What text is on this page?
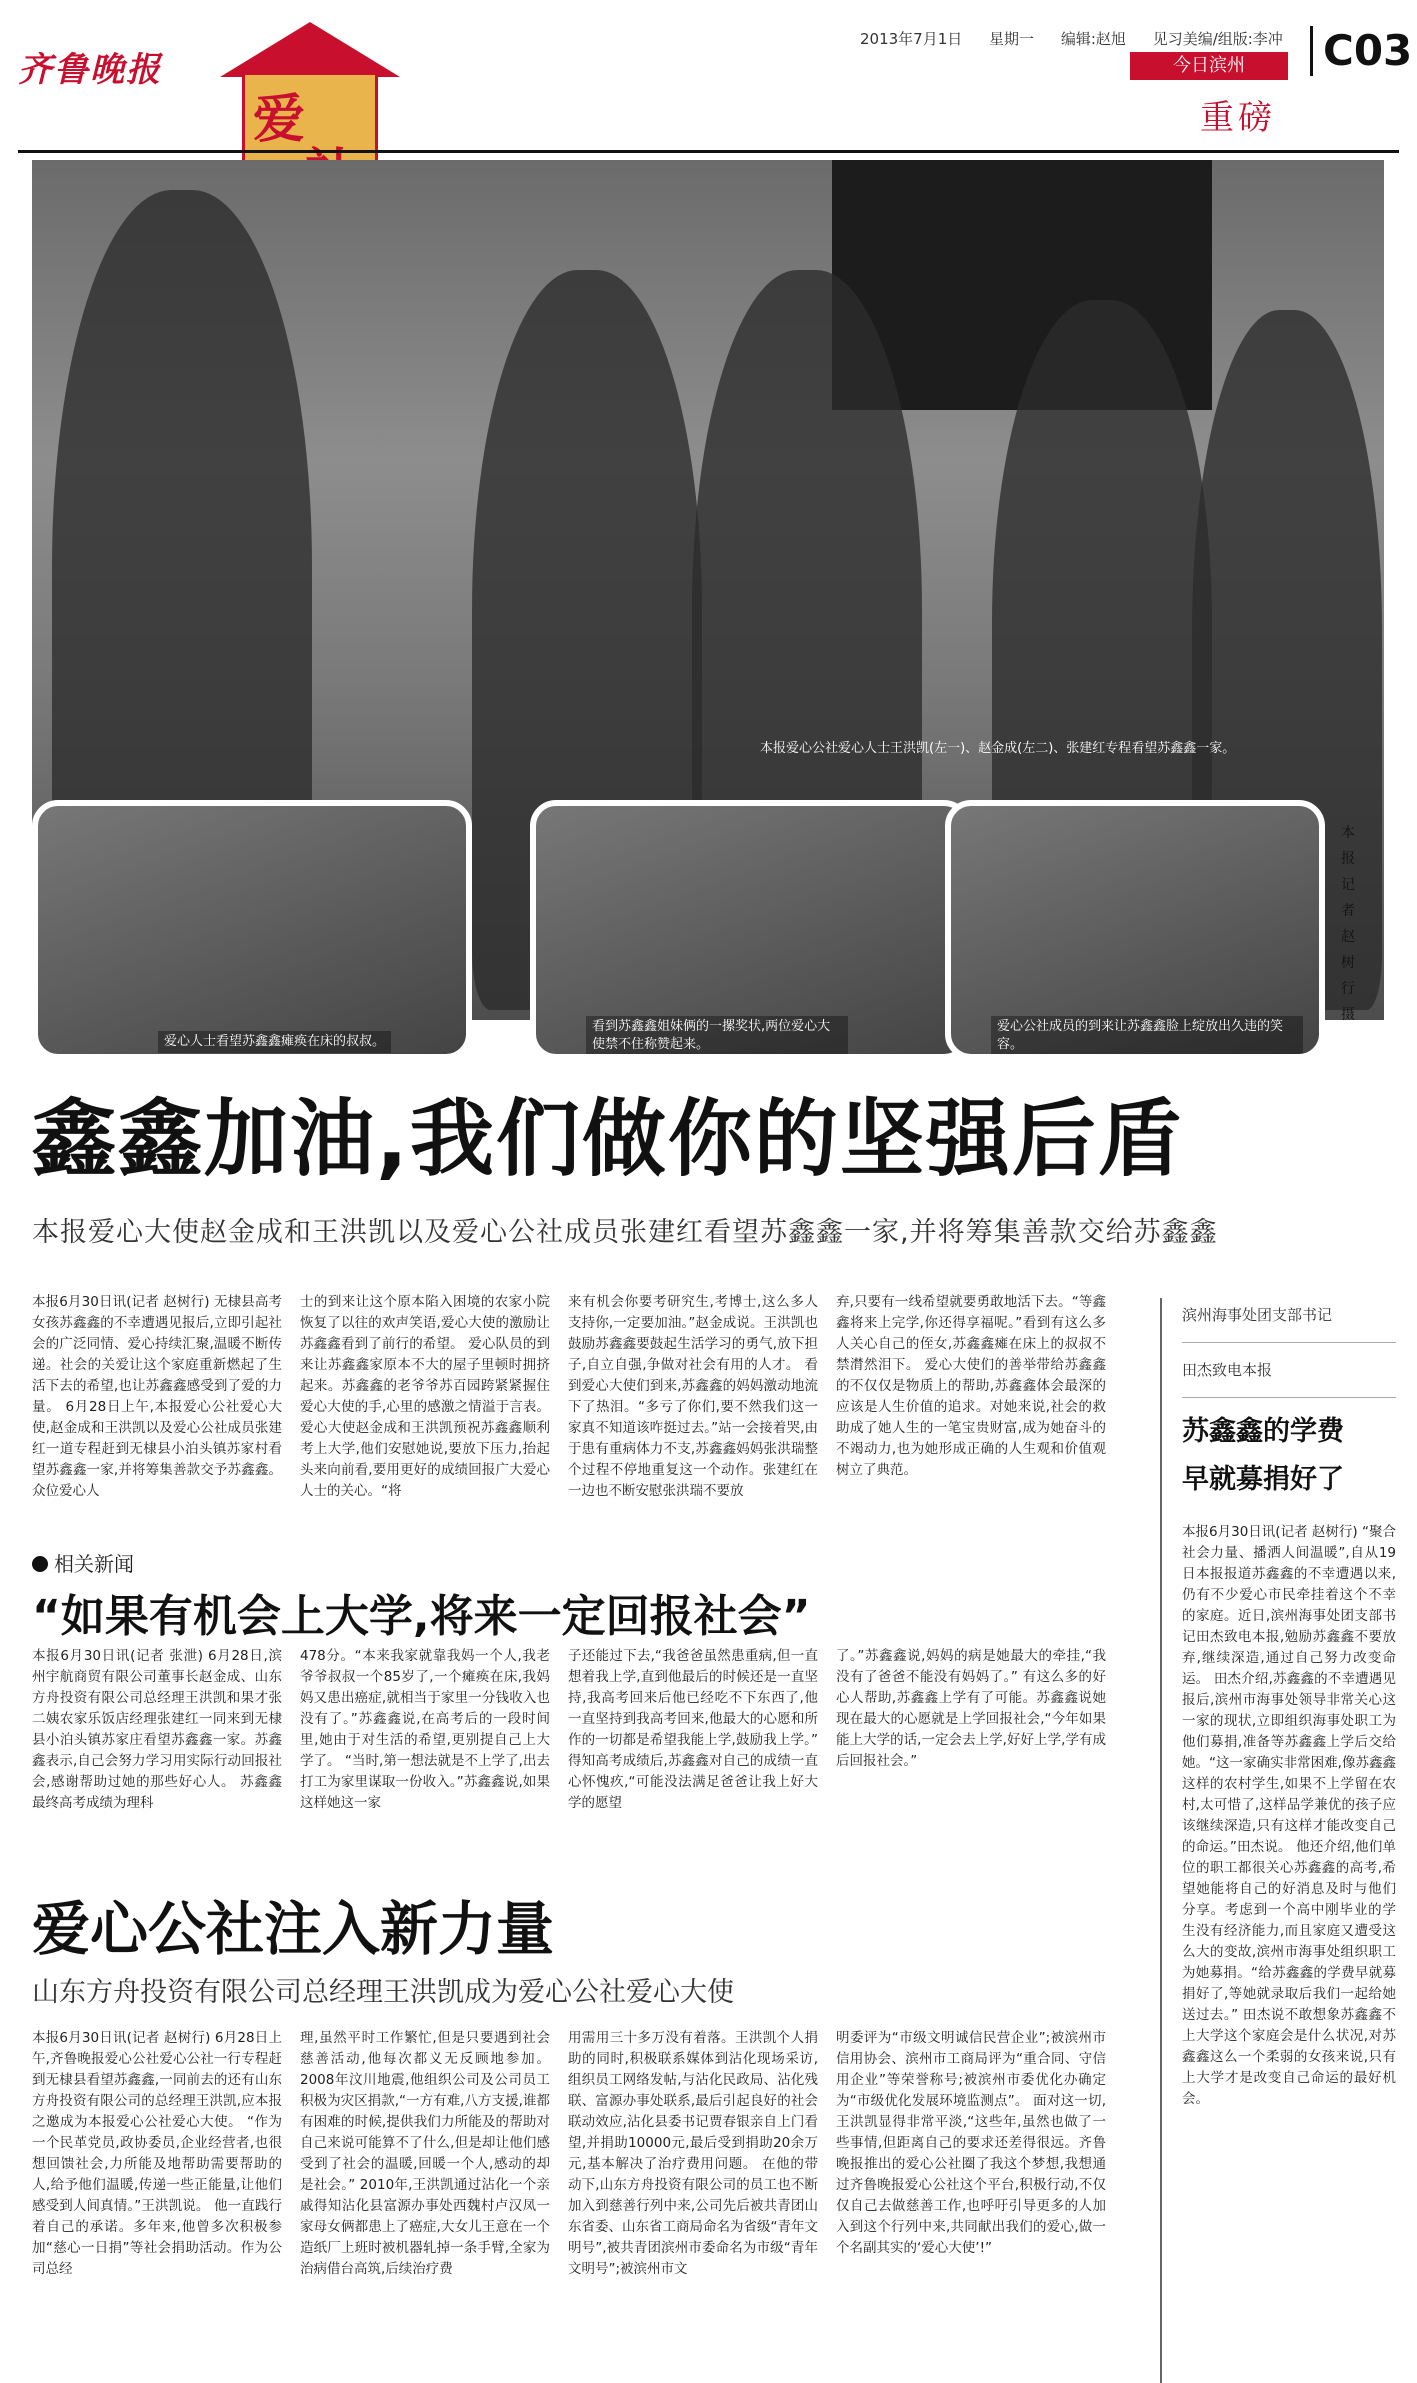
齐鲁晚报
爱
2013年7月1日 星期一 编辑:赵旭 见习美编/组版:李冲
今日滨州
重磅
C03
本报爱心公社爱心人士王洪凯(左一)、赵金成(左二)、张建红专程看望苏鑫鑫一家。
爱心人士看望苏鑫鑫瘫痪在床的叔叔。
看到苏鑫鑫姐妹俩的一摞奖状,两位爱心大使禁不住称赞起来。
爱心公社成员的到来让苏鑫鑫脸上绽放出久违的笑容。
本报记者 赵树行 摄
鑫鑫加油,我们做你的坚强后盾
本报爱心大使赵金成和王洪凯以及爱心公社成员张建红看望苏鑫鑫一家,并将筹集善款交给苏鑫鑫
本报6月30日讯(记者 赵树行) 无棣县高考女孩苏鑫鑫的不幸遭遇见报后,立即引起社会的广泛同情、爱心持续汇聚,温暖不断传递。社会的关爱让这个家庭重新燃起了生活下去的希望,也让苏鑫鑫感受到了爱的力量。 6月28日上午,本报爱心公社爱心大使,赵金成和王洪凯以及爱心公社成员张建红一道专程赶到无棣县小泊头镇苏家村看望苏鑫鑫一家,并将筹集善款交予苏鑫鑫。众位爱心人
士的到来让这个原本陷入困境的农家小院恢复了以往的欢声笑语,爱心大使的激励让苏鑫鑫看到了前行的希望。 爱心队员的到来让苏鑫鑫家原本不大的屋子里顿时拥挤起来。苏鑫鑫的老爷爷苏百园跨紧紧握住爱心大使的手,心里的感激之情溢于言表。 爱心大使赵金成和王洪凯预祝苏鑫鑫顺利考上大学,他们安慰她说,要放下压力,抬起头来向前看,要用更好的成绩回报广大爱心人士的关心。“将
来有机会你要考研究生,考博士,这么多人支持你,一定要加油。”赵金成说。王洪凯也鼓励苏鑫鑫要鼓起生活学习的勇气,放下担子,自立自强,争做对社会有用的人才。 看到爱心大使们到来,苏鑫鑫的妈妈激动地流下了热泪。“多亏了你们,要不然我们这一家真不知道该咋挺过去。”站一会接着哭,由于患有重病体力不支,苏鑫鑫妈妈张洪瑞整个过程不停地重复这一个动作。张建红在一边也不断安慰张洪瑞不要放
弃,只要有一线希望就要勇敢地活下去。“等鑫鑫将来上完学,你还得享福呢。”看到有这么多人关心自己的侄女,苏鑫鑫瘫在床上的叔叔不禁潸然泪下。 爱心大使们的善举带给苏鑫鑫的不仅仅是物质上的帮助,苏鑫鑫体会最深的应该是人生价值的追求。对她来说,社会的救助成了她人生的一笔宝贵财富,成为她奋斗的不竭动力,也为她形成正确的人生观和价值观树立了典范。
相关新闻
“如果有机会上大学,将来一定回报社会”
本报6月30日讯(记者 张泄) 6月28日,滨州宇航商贸有限公司董事长赵金成、山东方舟投资有限公司总经理王洪凯和果才张二姨农家乐饭店经理张建红一同来到无棣县小泊头镇苏家庄看望苏鑫鑫一家。苏鑫鑫表示,自己会努力学习用实际行动回报社会,感谢帮助过她的那些好心人。 苏鑫鑫最终高考成绩为理科
478分。“本来我家就靠我妈一个人,我老爷爷叔叔一个85岁了,一个瘫痪在床,我妈妈又患出癌症,就相当于家里一分钱收入也没有了。”苏鑫鑫说,在高考后的一段时间里,她由于对生活的希望,更别提自己上大学了。 “当时,第一想法就是不上学了,出去打工为家里谋取一份收入。”苏鑫鑫说,如果这样她这一家
子还能过下去,“我爸爸虽然患重病,但一直想着我上学,直到他最后的时候还是一直坚持,我高考回来后他已经吃不下东西了,他一直坚持到我高考回来,他最大的心愿和所作的一切都是希望我能上学,鼓励我上学。” 得知高考成绩后,苏鑫鑫对自己的成绩一直心怀愧疚,“可能没法满足爸爸让我上好大学的愿望
了。”苏鑫鑫说,妈妈的病是她最大的牵挂,“我没有了爸爸不能没有妈妈了。” 有这么多的好心人帮助,苏鑫鑫上学有了可能。苏鑫鑫说她现在最大的心愿就是上学回报社会,“今年如果能上大学的话,一定会去上学,好好上学,学有成后回报社会。”
爱心公社注入新力量
山东方舟投资有限公司总经理王洪凯成为爱心公社爱心大使
本报6月30日讯(记者 赵树行) 6月28日上午,齐鲁晚报爱心公社爱心公社一行专程赶到无棣县看望苏鑫鑫,一同前去的还有山东方舟投资有限公司的总经理王洪凯,应本报之邀成为本报爱心公社爱心大使。 “作为一个民革党员,政协委员,企业经营者,也很想回馈社会,力所能及地帮助需要帮助的人,给予他们温暖,传递一些正能量,让他们感受到人间真情。”王洪凯说。 他一直践行着自己的承诺。多年来,他曾多次积极参加“慈心一日捐”等社会捐助活动。作为公司总经
理,虽然平时工作繁忙,但是只要遇到社会慈善活动,他每次都义无反顾地参加。2008年汶川地震,他组织公司及公司员工积极为灾区捐款,“一方有难,八方支援,谁都有困难的时候,提供我们力所能及的帮助对自己来说可能算不了什么,但是却让他们感受到了社会的温暖,回暖一个人,感动的却是社会。” 2010年,王洪凯通过沾化一个亲戚得知沾化县富源办事处西魏村卢汉凤一家母女俩都患上了癌症,大女儿王意在一个造纸厂上班时被机器轧掉一条手臂,全家为治病借台高筑,后续治疗费
用需用三十多万没有着落。王洪凯个人捐助的同时,积极联系媒体到沾化现场采访,组织员工网络发帖,与沾化民政局、沾化残联、富源办事处联系,最后引起良好的社会联动效应,沾化县委书记贾春银亲自上门看望,并捐助10000元,最后受到捐助20余万元,基本解决了治疗费用问题。 在他的带动下,山东方舟投资有限公司的员工也不断加入到慈善行列中来,公司先后被共青团山东省委、山东省工商局命名为省级“青年文明号”,被共青团滨州市委命名为市级“青年文明号”;被滨州市文
明委评为“市级文明诚信民营企业”;被滨州市信用协会、滨州市工商局评为“重合同、守信用企业”等荣誉称号;被滨州市委优化办确定为“市级优化发展环境监测点”。 面对这一切,王洪凯显得非常平淡,“这些年,虽然也做了一些事情,但距离自己的要求还差得很远。齐鲁晚报推出的爱心公社圈了我这个梦想,我想通过齐鲁晚报爱心公社这个平台,积极行动,不仅仅自己去做慈善工作,也呼吁引导更多的人加入到这个行列中来,共同献出我们的爱心,做一个名副其实的‘爱心大使’!”
滨州海事处团支部书记
田杰致电本报
苏鑫鑫的学费
早就募捐好了
本报6月30日讯(记者 赵树行) “聚合社会力量、播洒人间温暖”,自从19日本报报道苏鑫鑫的不幸遭遇以来,仍有不少爱心市民牵挂着这个不幸的家庭。近日,滨州海事处团支部书记田杰致电本报,勉励苏鑫鑫不要放弃,继续深造,通过自己努力改变命运。 田杰介绍,苏鑫鑫的不幸遭遇见报后,滨州市海事处领导非常关心这一家的现状,立即组织海事处职工为他们募捐,准备等苏鑫鑫上学后交给她。“这一家确实非常困难,像苏鑫鑫这样的农村学生,如果不上学留在农村,太可惜了,这样品学兼优的孩子应该继续深造,只有这样才能改变自己的命运。”田杰说。 他还介绍,他们单位的职工都很关心苏鑫鑫的高考,希望她能将自己的好消息及时与他们分享。考虑到一个高中刚毕业的学生没有经济能力,而且家庭又遭受这么大的变故,滨州市海事处组织职工为她募捐。“给苏鑫鑫的学费早就募捐好了,等她就录取后我们一起给她送过去。” 田杰说不敢想象苏鑫鑫不上大学这个家庭会是什么状况,对苏鑫鑫这么一个柔弱的女孩来说,只有上大学才是改变自己命运的最好机会。
